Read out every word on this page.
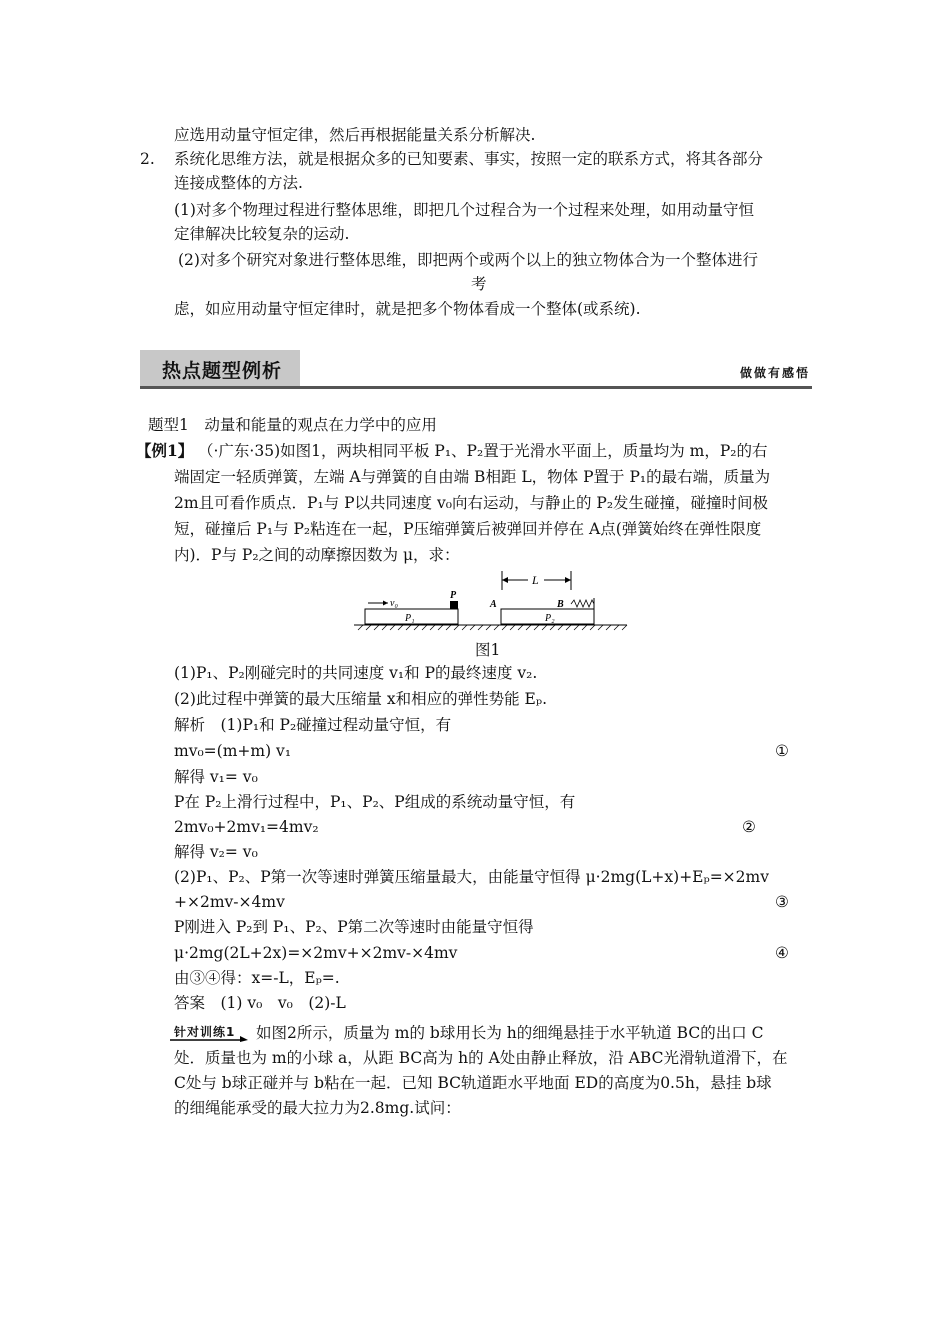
应选用动量守恒定律，然后再根据能量关系分析解决.
2. 系统化思维方法，就是根据众多的已知要素、事实，按照一定的联系方式，将其各部分
连接成整体的方法.
(1)对多个物理过程进行整体思维，即把几个过程合为一个过程来处理，如用动量守恒
定律解决比较复杂的运动.
(2)对多个研究对象进行整体思维，即把两个或两个以上的独立物体合为一个整体进行
考
虑，如应用动量守恒定律时，就是把多个物体看成一个整体(或系统).
热点题型例析	做做有感悟
题型1　动量和能量的观点在力学中的应用
【例1】 （·广东·35)如图1，两块相同平板 P₁、P₂置于光滑水平面上，质量均为 m，P₂的右
端固定一轻质弹簧，左端 A与弹簧的自由端 B相距 L，物体 P置于 P₁的最右端，质量为
2m且可看作质点．P₁与 P以共同速度 v₀向右运动，与静止的 P₂发生碰撞，碰撞时间极
短，碰撞后 P₁与 P₂粘连在一起，P压缩弹簧后被弹回并停在 A点(弹簧始终在弹性限度
内)．P与 P₂之间的动摩擦因数为 μ，求：
L
v₀
P
P₁
A
P₂
B
图1
(1)P₁、P₂刚碰完时的共同速度 v₁和 P的最终速度 v₂.
(2)此过程中弹簧的最大压缩量 x和相应的弹性势能 Eₚ.
解析　(1)P₁和 P₂碰撞过程动量守恒，有
mv₀=(m+m) v₁	①
解得 v₁= v₀
P在 P₂上滑行过程中，P₁、P₂、P组成的系统动量守恒，有
2mv₀+2mv₁=4mv₂	②
解得 v₂= v₀
(2)P₁、P₂、P第一次等速时弹簧压缩量最大，由能量守恒得 μ·2mg(L+x)+Eₚ=×2mv
+×2mv-×4mv	③
P刚进入 P₂到 P₁、P₂、P第二次等速时由能量守恒得
μ·2mg(2L+2x)=×2mv+×2mv-×4mv	④
由③④得：x=-L，Eₚ=.
答案　(1) v₀　v₀　(2)-L
针对训练1 如图2所示，质量为 m的 b球用长为 h的细绳悬挂于水平轨道 BC的出口 C
处．质量也为 m的小球 a，从距 BC高为 h的 A处由静止释放，沿 ABC光滑轨道滑下，在
C处与 b球正碰并与 b粘在一起．已知 BC轨道距水平地面 ED的高度为0.5h，悬挂 b球
的细绳能承受的最大拉力为2.8mg.试问：
